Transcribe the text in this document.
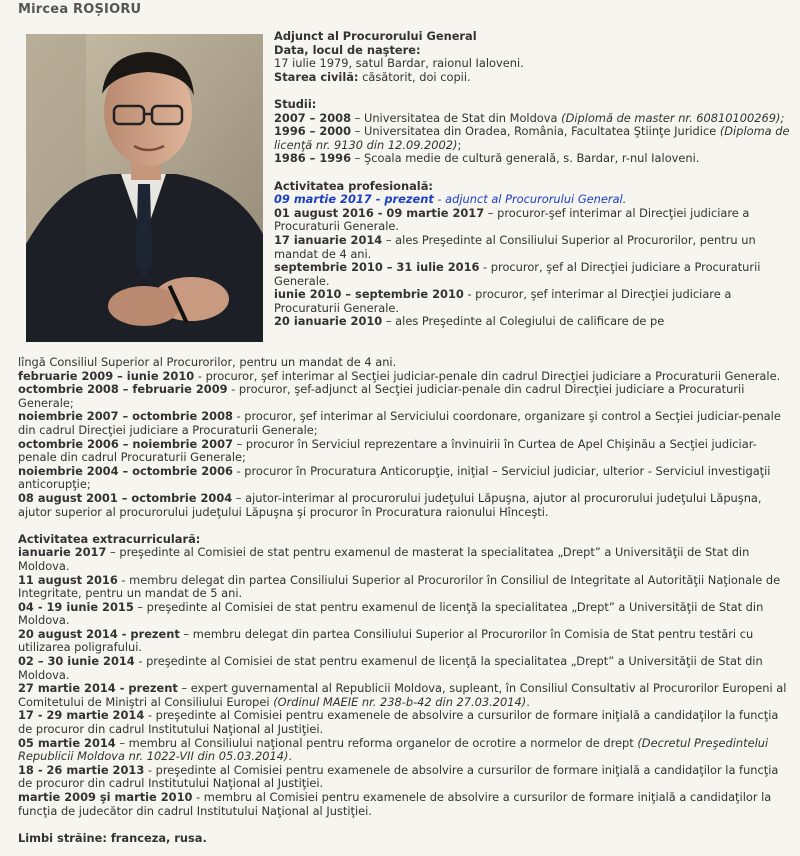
Mircea ROȘIORU
Adjunct al Procurorului General
Data, locul de naştere:
17 iulie 1979, satul Bardar, raionul Ialoveni.
Starea civilă: căsătorit, doi copii.
Studii:
2007 – 2008 – Universitatea de Stat din Moldova (Diplomă de master nr. 60810100269);
1996 – 2000 – Universitatea din Oradea, România, Facultatea Ştiinţe Juridice (Diploma de licenţă nr. 9130 din 12.09.2002);
1986 – 1996 – Şcoala medie de cultură generală, s. Bardar, r-nul Ialoveni.
Activitatea profesională:
09 martie 2017 - prezent - adjunct al Procurorului General.
01 august 2016 - 09 martie 2017 – procuror-şef interimar al Direcţiei judiciare a Procuraturii Generale.
17 ianuarie 2014 – ales Preşedinte al Consiliului Superior al Procurorilor, pentru un mandat de 4 ani.
septembrie 2010 – 31 iulie 2016 - procuror, şef al Direcţiei judiciare a Procuraturii Generale.
iunie 2010 – septembrie 2010 - procuror, şef interimar al Direcţiei judiciare a Procuraturii Generale.
20 ianuarie 2010 – ales Preşedinte al Colegiului de calificare de pe
lîngă Consiliul Superior al Procurorilor, pentru un mandat de 4 ani.
februarie 2009 – iunie 2010 - procuror, şef interimar al Secţiei judiciar-penale din cadrul Direcţiei judiciare a Procuraturii Generale.
octombrie 2008 – februarie 2009 - procuror, şef-adjunct al Secţiei judiciar-penale din cadrul Direcţiei judiciare a Procuraturii Generale;
noiembrie 2007 – octombrie 2008 - procuror, şef interimar al Serviciului coordonare, organizare şi control a Secţiei judiciar-penale din cadrul Direcţiei judiciare a Procuraturii Generale;
octombrie 2006 – noiembrie 2007 – procuror în Serviciul reprezentare a învinuirii în Curtea de Apel Chişinău a Secţiei judiciar-penale din cadrul Procuraturii Generale;
noiembrie 2004 – octombrie 2006 - procuror în Procuratura Anticorupţie, iniţial – Serviciul judiciar, ulterior - Serviciul investigaţii anticorupţie;
08 august 2001 – octombrie 2004 – ajutor-interimar al procurorului judeţului Lăpuşna, ajutor al procurorului judeţului Lăpuşna, ajutor superior al procurorului judeţului Lăpuşna şi procuror în Procuratura raionului Hînceşti.
Activitatea extracurriculară:
ianuarie 2017 – preşedinte al Comisiei de stat pentru examenul de masterat la specialitatea „Drept” a Universităţii de Stat din Moldova.
11 august 2016 - membru delegat din partea Consiliului Superior al Procurorilor în Consiliul de Integritate al Autorităţii Naţionale de Integritate, pentru un mandat de 5 ani.
04 - 19 iunie 2015 – preşedinte al Comisiei de stat pentru examenul de licenţă la specialitatea „Drept” a Universităţii de Stat din Moldova.
20 august 2014 - prezent – membru delegat din partea Consiliului Superior al Procurorilor în Comisia de Stat pentru testări cu utilizarea poligrafului.
02 – 30 iunie 2014 - preşedinte al Comisiei de stat pentru examenul de licenţă la specialitatea „Drept” a Universităţii de Stat din Moldova.
27 martie 2014 - prezent – expert guvernamental al Republicii Moldova, supleant, în Consiliul Consultativ al Procurorilor Europeni al Comitetului de Miniştri al Consiliului Europei (Ordinul MAEIE nr. 238-b-42 din 27.03.2014).
17 - 29 martie 2014 - preşedinte al Comisiei pentru examenele de absolvire a cursurilor de formare iniţială a candidaţilor la funcţia de procuror din cadrul Institutului Naţional al Justiţiei.
05 martie 2014 – membru al Consiliului naţional pentru reforma organelor de ocrotire a normelor de drept (Decretul Preşedintelui Republicii Moldova nr. 1022-VII din 05.03.2014).
18 - 26 martie 2013 - preşedinte al Comisiei pentru examenele de absolvire a cursurilor de formare iniţială a candidaţilor la funcţia de procuror din cadrul Institutului Naţional al Justiţiei.
martie 2009 şi martie 2010 - membru al Comisiei pentru examenele de absolvire a cursurilor de formare iniţială a candidaţilor la funcţia de judecător din cadrul Institutului Naţional al Justiţiei.
Limbi străine: franceza, rusa.
